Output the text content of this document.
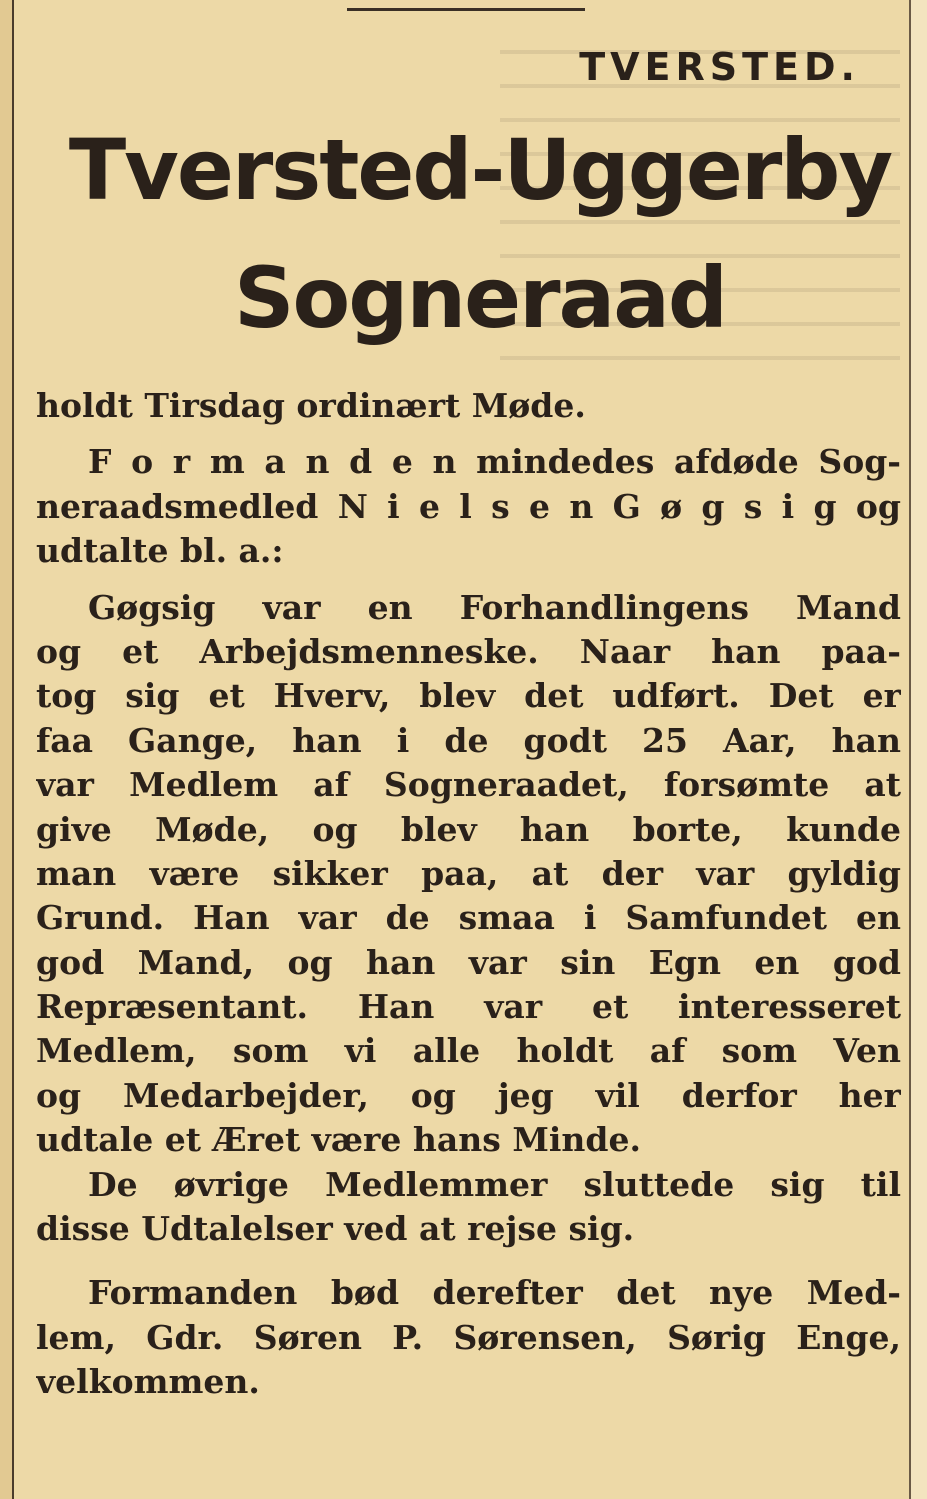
TVERSTED.
Tversted-Uggerby
Sogneraad
holdt Tirsdag ordinært Møde.
F o r m a n d e n mindedes afdøde Sog-
neraadsmedled N i e l s e n G ø g s i g og
udtalte bl. a.:
Gøgsig var en Forhandlingens Mand
og et Arbejdsmenneske. Naar han paa-
tog sig et Hverv, blev det udført. Det er
faa Gange, han i de godt 25 Aar, han
var Medlem af Sogneraadet, forsømte at
give Møde, og blev han borte, kunde
man være sikker paa, at der var gyldig
Grund. Han var de smaa i Samfundet en
god Mand, og han var sin Egn en god
Repræsentant. Han var et interesseret
Medlem, som vi alle holdt af som Ven
og Medarbejder, og jeg vil derfor her
udtale et Æret være hans Minde.
De øvrige Medlemmer sluttede sig til
disse Udtalelser ved at rejse sig.
Formanden bød derefter det nye Med-
lem, Gdr. Søren P. Sørensen, Sørig Enge,
velkommen.
